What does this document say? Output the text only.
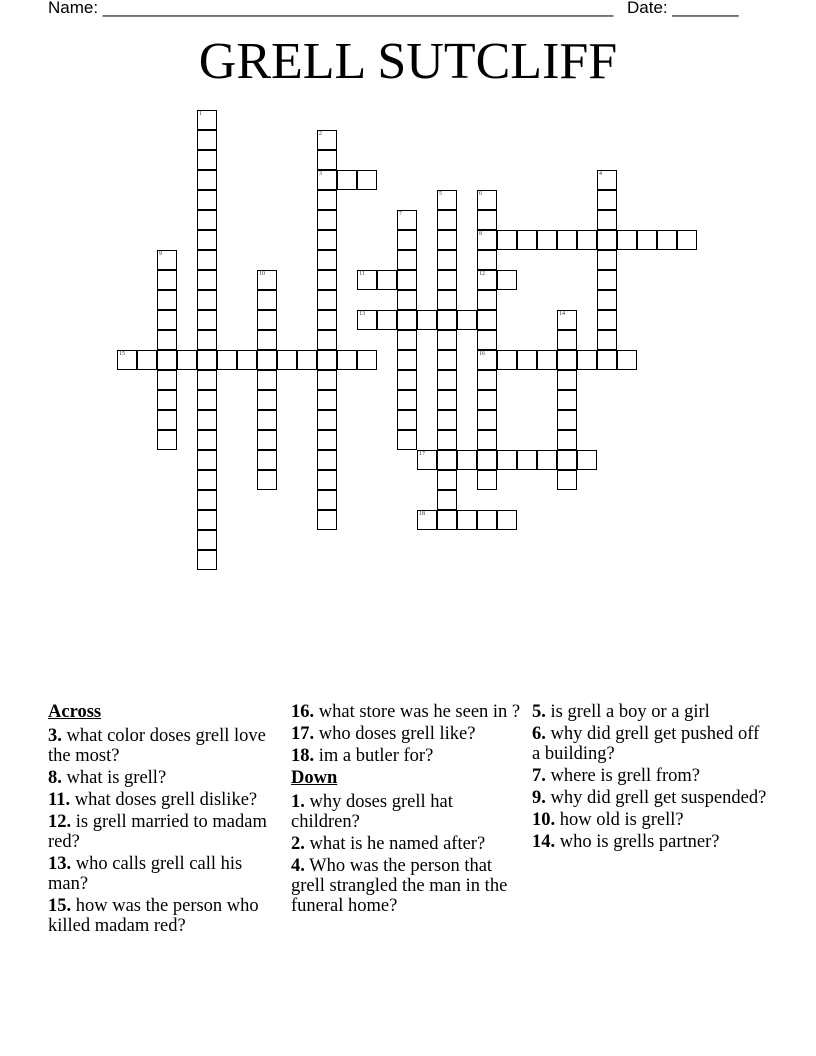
Name: ______________________________________________________ Date: _______
GRELL SUTCLIFF
1
2
3	4
5	6
8
12
16
7
9
10	11
13	14
15
17
18
Across
3. what color doses grell love the most?
8. what is grell?
11. what doses grell dislike?
12. is grell married to madam red?
13. who calls grell call his man?
15. how was the person who killed madam red?
16. what store was he seen in ?
17. who doses grell like?
18. im a butler for?
Down
1. why doses grell hat children?
2. what is he named after?
4. Who was the person that grell strangled the man in the funeral home?
5. is grell a boy or a girl
6. why did grell get pushed off a building?
7. where is grell from?
9. why did grell get suspended?
10. how old is grell?
14. who is grells partner?
